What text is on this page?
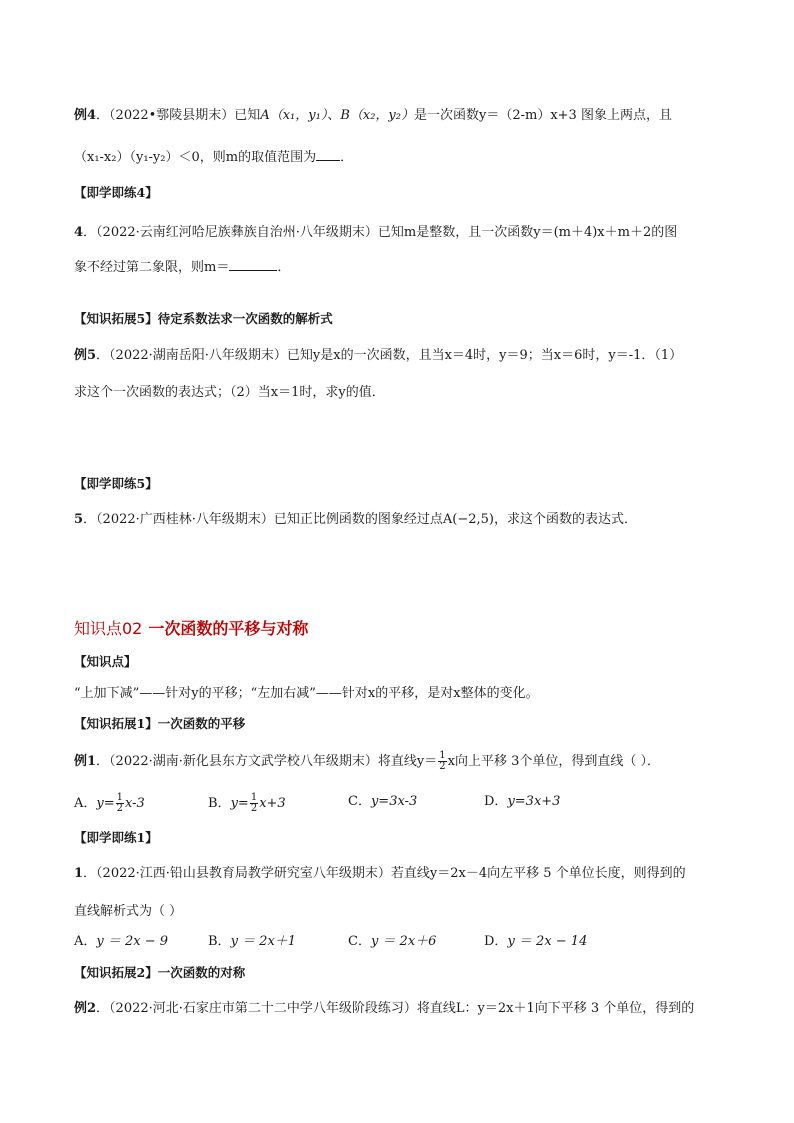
例4．（2022•鄠陵县期末）已知A（x₁，y₁）、B（x₂，y₂）是一次函数y＝（2-m）x+3 图象上两点，且
（x₁-x₂）（y₁-y₂）＜0，则m的取值范围为 ．
【即学即练4】
4．（2022·云南红河哈尼族彝族自治州·八年级期末）已知m是整数，且一次函数y＝(m＋4)x＋m＋2的图
象不经过第二象限，则m＝	．
【知识拓展5】待定系数法求一次函数的解析式
例5．（2022·湖南岳阳·八年级期末）已知y是x的一次函数，且当x＝4时，y＝9；当x＝6时，y＝-1．（1）
求这个一次函数的表达式；（2）当x＝1时，求y的值．
【即学即练5】
5．（2022·广西桂林·八年级期末）已知正比例函数的图象经过点A(−2,5)，求这个函数的表达式．
知识点02 一次函数的平移与对称
【知识点】
“上加下减”——针对y的平移；“左加右减”——针对x的平移，是对x整体的变化。
【知识拓展1】一次函数的平移
例1．（2022·湖南·新化县东方文武学校八年级期末）将直线$y= \frac{1}{2}$ x向上平移 3个单位，得到直线（ ）．
A．$y= \frac{1}{2} x-3$	B．$y= \frac{1}{2} x+3$	C．y=3x-3	D．y=3x+3
【即学即练1】
1．（2022·江西·铅山县教育局教学研究室八年级期末）若直线y＝2x－4向左平移 5 个单位长度，则得到的
直线解析式为（ ）
A．y ＝ 2x − 9	B．y ＝ 2x＋1	C．y ＝ 2x＋6	D．y ＝ 2x − 14
【知识拓展2】一次函数的对称
例2．（2022·河北·石家庄市第二十二中学八年级阶段练习）将直线L：y＝2x＋1向下平移 3 个单位，得到的
